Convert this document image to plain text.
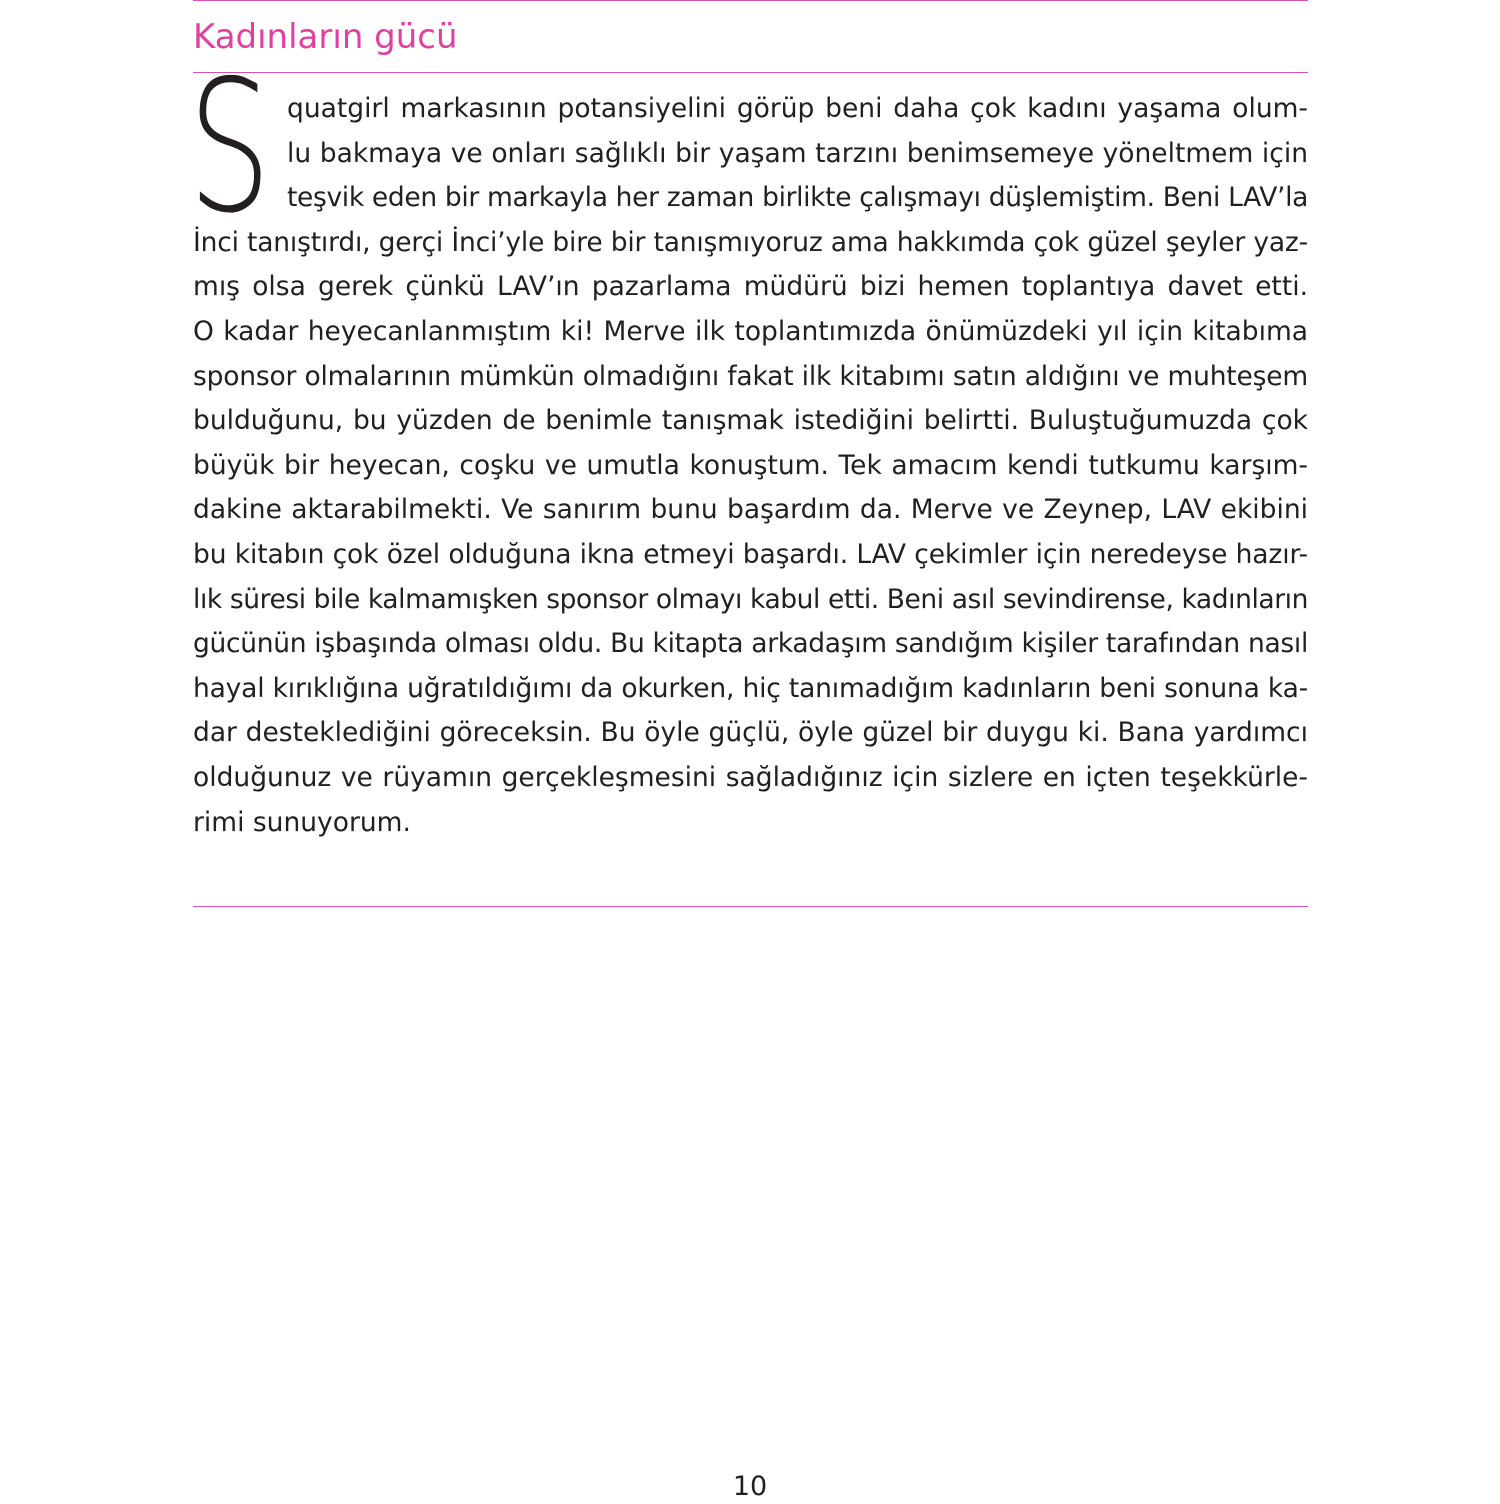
Kadınların gücü
S quatgirl markasının potansiyelini görüp beni daha çok kadını yaşama olum-
lu bakmaya ve onları sağlıklı bir yaşam tarzını benimsemeye yöneltmem için
teşvik eden bir markayla her zaman birlikte çalışmayı düşlemiştim. Beni LAV’la
İnci tanıştırdı, gerçi İnci’yle bire bir tanışmıyoruz ama hakkımda çok güzel şeyler yaz-
mış olsa gerek çünkü LAV’ın pazarlama müdürü bizi hemen toplantıya davet etti.
O kadar heyecanlanmıştım ki! Merve ilk toplantımızda önümüzdeki yıl için kitabıma
sponsor olmalarının mümkün olmadığını fakat ilk kitabımı satın aldığını ve muhteşem
bulduğunu, bu yüzden de benimle tanışmak istediğini belirtti. Buluştuğumuzda çok
büyük bir heyecan, coşku ve umutla konuştum. Tek amacım kendi tutkumu karşım-
dakine aktarabilmekti. Ve sanırım bunu başardım da. Merve ve Zeynep, LAV ekibini
bu kitabın çok özel olduğuna ikna etmeyi başardı. LAV çekimler için neredeyse hazır-
lık süresi bile kalmamışken sponsor olmayı kabul etti. Beni asıl sevindirense, kadınların
gücünün işbaşında olması oldu. Bu kitapta arkadaşım sandığım kişiler tarafından nasıl
hayal kırıklığına uğratıldığımı da okurken, hiç tanımadığım kadınların beni sonuna ka-
dar desteklediğini göreceksin. Bu öyle güçlü, öyle güzel bir duygu ki. Bana yardımcı
olduğunuz ve rüyamın gerçekleşmesini sağladığınız için sizlere en içten teşekkürle-
rimi sunuyorum.
10
